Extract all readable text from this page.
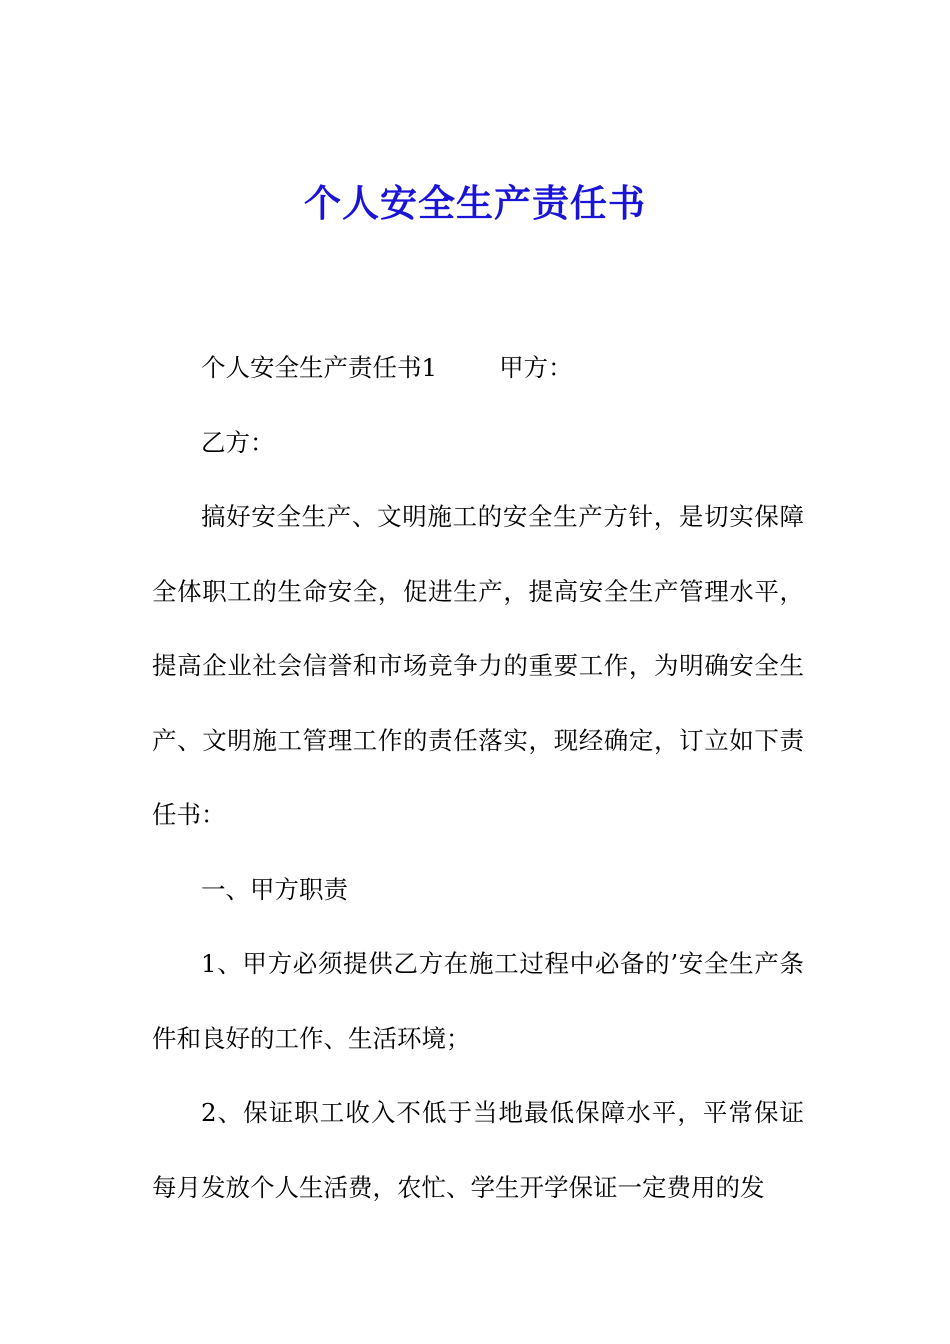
个人安全生产责任书

个人安全生产责任书1	甲方：

乙方：

搞好安全生产、文明施工的安全生产方针，是切实保障全体职工的生命安全，促进生产，提高安全生产管理水平，提高企业社会信誉和市场竞争力的重要工作，为明确安全生产、文明施工管理工作的责任落实，现经确定，订立如下责任书：

一、甲方职责

1、甲方必须提供乙方在施工过程中必备的’安全生产条件和良好的工作、生活环境；

2、保证职工收入不低于当地最低保障水平，平常保证每月发放个人生活费，农忙、学生开学保证一定费用的发
